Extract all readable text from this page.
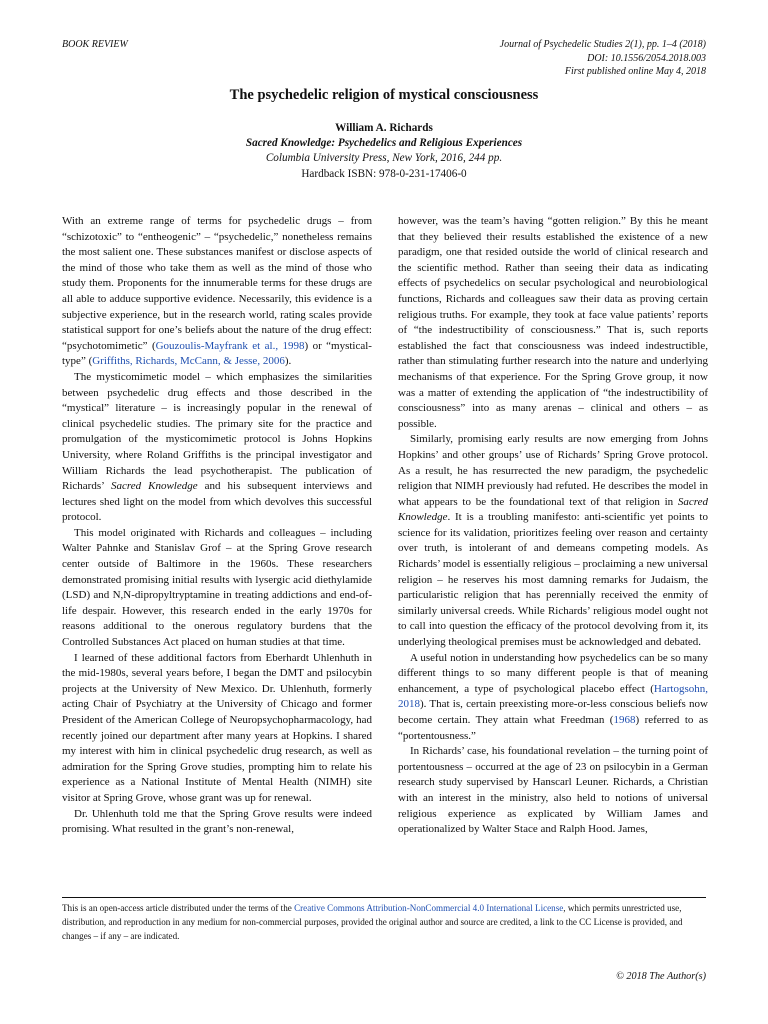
BOOK REVIEW	Journal of Psychedelic Studies 2(1), pp. 1–4 (2018)
DOI: 10.1556/2054.2018.003
First published online May 4, 2018
The psychedelic religion of mystical consciousness
William A. Richards
Sacred Knowledge: Psychedelics and Religious Experiences
Columbia University Press, New York, 2016, 244 pp.
Hardback ISBN: 978-0-231-17406-0

With an extreme range of terms for psychedelic drugs – from “schizotoxic” to “entheogenic” – “psychedelic,” nonetheless remains the most salient one. These substances manifest or disclose aspects of the mind of those who take them as well as the mind of those who study them. Proponents for the innumerable terms for these drugs are all able to adduce supportive evidence. Necessarily, this evidence is a subjective experience, but in the research world, rating scales provide statistical support for one’s beliefs about the nature of the drug effect: “psychotomimetic” (Gouzoulis-Mayfrank et al., 1998) or “mystical-type” (Griffiths, Richards, McCann, & Jesse, 2006).

The mysticomimetic model – which emphasizes the similarities between psychedelic drug effects and those described in the “mystical” literature – is increasingly popular in the renewal of clinical psychedelic studies. The primary site for the practice and promulgation of the mysticomimetic protocol is Johns Hopkins University, where Roland Griffiths is the principal investigator and William Richards the lead psychotherapist. The publication of Richards’ Sacred Knowledge and his subsequent interviews and lectures shed light on the model from which devolves this successful protocol.

This model originated with Richards and colleagues – including Walter Pahnke and Stanislav Grof – at the Spring Grove research center outside of Baltimore in the 1960s. These researchers demonstrated promising initial results with lysergic acid diethylamide (LSD) and N,N-dipropyltryptamine in treating addictions and end-of-life despair. However, this research ended in the early 1970s for reasons additional to the onerous regulatory burdens that the Controlled Substances Act placed on human studies at that time.

I learned of these additional factors from Eberhardt Uhlenhuth in the mid-1980s, several years before, I began the DMT and psilocybin projects at the University of New Mexico. Dr. Uhlenhuth, formerly acting Chair of Psychiatry at the University of Chicago and former President of the American College of Neuropsychopharmacology, had recently joined our department after many years at Hopkins. I shared my interest with him in clinical psychedelic drug research, as well as admiration for the Spring Grove studies, prompting him to relate his experience as a National Institute of Mental Health (NIMH) site visitor at Spring Grove, whose grant was up for renewal.

Dr. Uhlenhuth told me that the Spring Grove results were indeed promising. What resulted in the grant’s non-renewal,

however, was the team’s having “gotten religion.” By this he meant that they believed their results established the existence of a new paradigm, one that resided outside the world of clinical research and the scientific method. Rather than seeing their data as indicating effects of psychedelics on secular psychological and neurobiological functions, Richards and colleagues saw their data as proving certain religious truths. For example, they took at face value patients’ reports of “the indestructibility of consciousness.” That is, such reports established the fact that consciousness was indeed indestructible, rather than stimulating further research into the nature and underlying mechanisms of that experience. For the Spring Grove group, it now was a matter of extending the application of “the indestructibility of consciousness” into as many arenas – clinical and others – as possible.

Similarly, promising early results are now emerging from Johns Hopkins’ and other groups’ use of Richards’ Spring Grove protocol. As a result, he has resurrected the new paradigm, the psychedelic religion that NIMH previously had refuted. He describes the model in what appears to be the foundational text of that religion in Sacred Knowledge. It is a troubling manifesto: anti-scientific yet points to science for its validation, prioritizes feeling over reason and certainty over truth, is intolerant of and demeans competing models. As Richards’ model is essentially religious – proclaiming a new universal religion – he reserves his most damning remarks for Judaism, the particularistic religion that has perennially received the enmity of similarly universal creeds. While Richards’ religious model ought not to call into question the efficacy of the protocol devolving from it, its underlying theological premises must be acknowledged and debated.

A useful notion in understanding how psychedelics can be so many different things to so many different people is that of meaning enhancement, a type of psychological placebo effect (Hartogsohn, 2018). That is, certain preexisting more-or-less conscious beliefs now become certain. They attain what Freedman (1968) referred to as “portentousness.”

In Richards’ case, his foundational revelation – the turning point of portentousness – occurred at the age of 23 on psilocybin in a German research study supervised by Hanscarl Leuner. Richards, a Christian with an interest in the ministry, also held to notions of universal religious experience as explicated by William James and operationalized by Walter Stace and Ralph Hood. James,

This is an open-access article distributed under the terms of the Creative Commons Attribution-NonCommercial 4.0 International License, which permits unrestricted use, distribution, and reproduction in any medium for non-commercial purposes, provided the original author and source are credited, a link to the CC License is provided, and changes – if any – are indicated.
© 2018 The Author(s)
